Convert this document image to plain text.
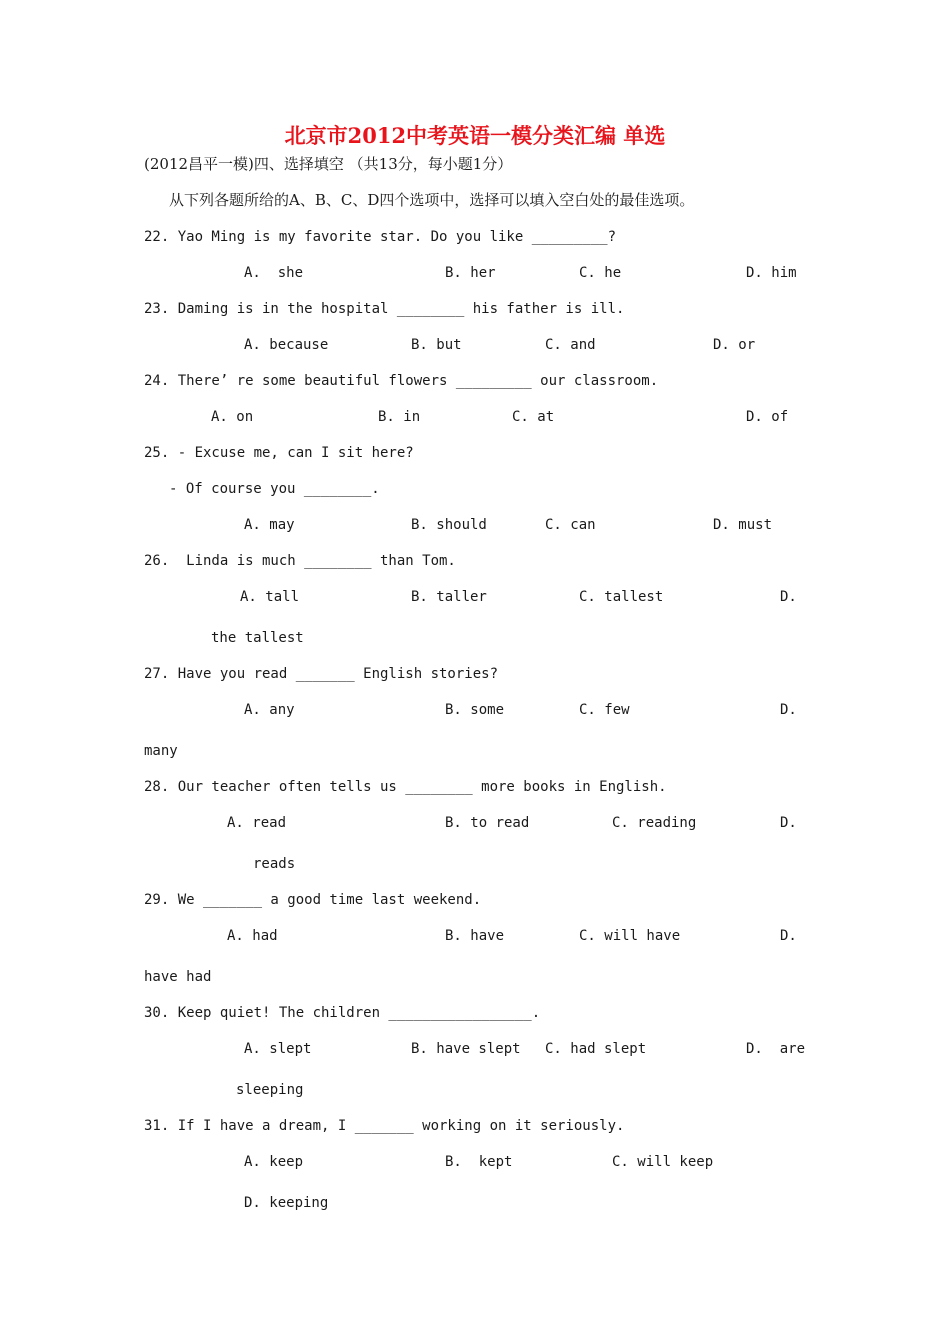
北京市2012中考英语一模分类汇编 单选
(2012昌平一模)四、选择填空 （共13分，每小题1分）
从下列各题所给的A、B、C、D四个选项中，选择可以填入空白处的最佳选项。
22. Yao Ming is my favorite star. Do you like _________?
A.  she	B. her	C. he	D. him
23. Daming is in the hospital ________ his father is ill.
A. because	B. but	C. and	D. or
24. There’ re some beautiful flowers _________ our classroom.
A. on	B. in	C. at	D. of
25. - Excuse me, can I sit here?
- Of course you ________.
A. may	B. should	C. can	D. must
26.  Linda is much ________ than Tom.
A. tall	B. taller	C. tallest	D.
the tallest
27. Have you read _______ English stories?
A. any	B. some	C. few	D.
many
28. Our teacher often tells us ________ more books in English.
A. read	B. to read	C. reading	D.
reads
29. We _______ a good time last weekend.
A. had	B. have	C. will have	D.
have had
30. Keep quiet! The children _________________.
A. slept	B. have slept C. had slept	D.  are
sleeping
31. If I have a dream, I _______ working on it seriously.
A. keep	B.  kept	C. will keep
D. keeping
